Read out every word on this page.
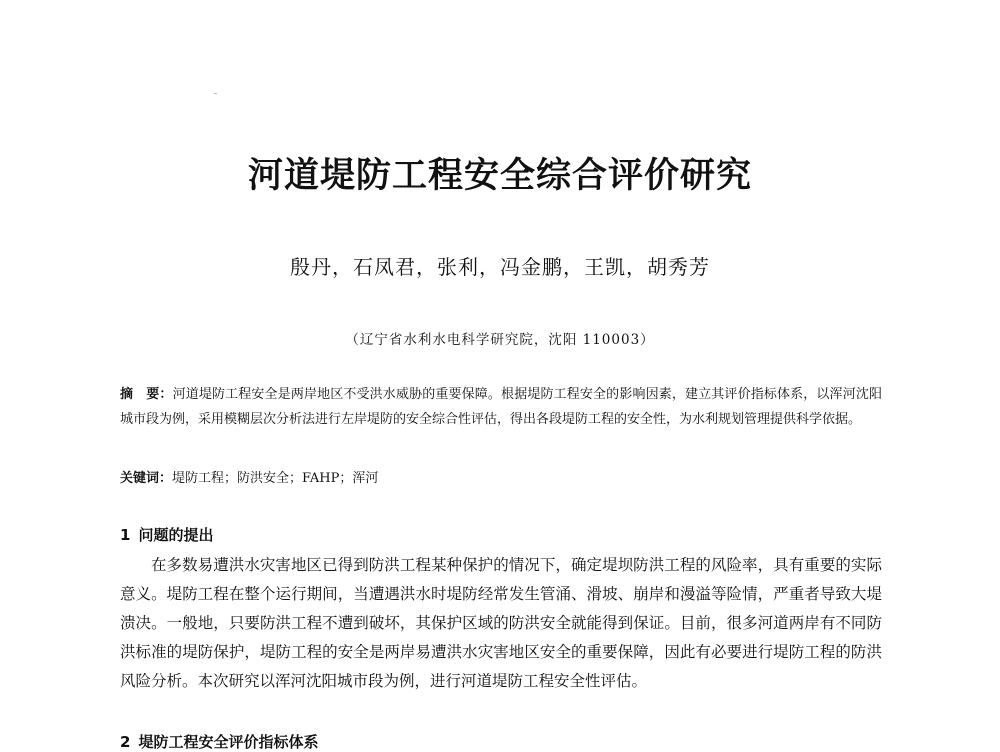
河道堤防工程安全综合评价研究
殷丹，石凤君，张利，冯金鹏，王凯，胡秀芳
（辽宁省水利水电科学研究院，沈阳 110003）
摘　要：河道堤防工程安全是两岸地区不受洪水威胁的重要保障。根据堤防工程安全的影响因素，建立其评价指标体系，以浑河沈阳城市段为例，采用模糊层次分析法进行左岸堤防的安全综合性评估，得出各段堤防工程的安全性，为水利规划管理提供科学依据。
关键词：堤防工程；防洪安全；FAHP；浑河
1 问题的提出
在多数易遭洪水灾害地区已得到防洪工程某种保护的情况下，确定堤坝防洪工程的风险率，具有重要的实际意义。堤防工程在整个运行期间，当遭遇洪水时堤防经常发生管涌、滑坡、崩岸和漫溢等险情，严重者导致大堤溃决。一般地，只要防洪工程不遭到破坏，其保护区域的防洪安全就能得到保证。目前，很多河道两岸有不同防洪标准的堤防保护，堤防工程的安全是两岸易遭洪水灾害地区安全的重要保障，因此有必要进行堤防工程的防洪风险分析。本次研究以浑河沈阳城市段为例，进行河道堤防工程安全性评估。
2 堤防工程安全评价指标体系
